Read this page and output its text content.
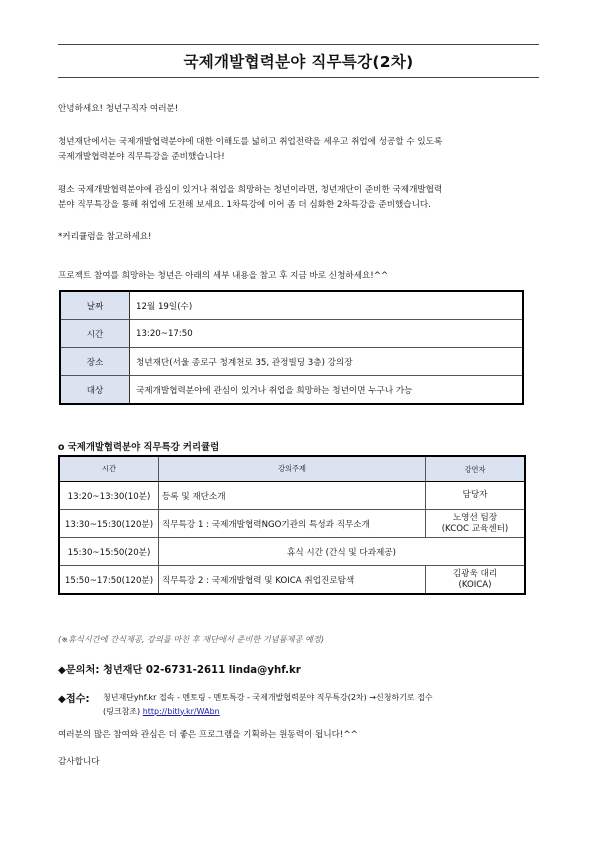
국제개발협력분야 직무특강(2차)
안녕하세요! 청년구직자 여러분!
청년재단에서는 국제개발협력분야에 대한 이해도를 넓히고 취업전략을 세우고 취업에 성공할 수 있도록
국제개발협력분야 직무특강을 준비했습니다!
평소 국제개발협력분야에 관심이 있거나 취업을 희망하는 청년이라면, 청년재단이 준비한 국제개발협력
분야 직무특강을 통해 취업에 도전해 보세요. 1차특강에 이어 좀 더 심화한 2차특강을 준비했습니다.
*커리큘럼을 참고하세요!
프로젝트 참여를 희망하는 청년은 아래의 세부 내용을 참고 후 지금 바로 신청하세요!^^
날짜	12월 19일(수)
시간	13:20~17:50
장소	청년재단(서울 종로구 청계천로 35, 관정빌딩 3층) 강의장
대상	국제개발협력분야에 관심이 있거나 취업을 희망하는 청년이면 누구나 가능
o 국제개발협력분야 직무특강 커리큘럼
시간	강의주제	강연자
13:20~13:30(10분)	등록 및 재단소개	담당자

13:30~15:30(120분)	직무특강 1 : 국제개발협력NGO기관의 특성과 직무소개	노영선 팀장
(KCOC 교육센터)

15:30~15:50(20분)	휴식 시간 (간식 및 다과제공)	
15:50~17:50(120분)	직무특강 2 : 국제개발협력 및 KOICA 취업진로탐색	김광욱 대리
(KOICA)
(※휴식시간에 간식제공, 강의를 마친 후 재단에서 준비한 기념품제공 예정)
◆문의처: 청년재단 02-6731-2611 linda@yhf.kr
◆접수: 청년재단yhf.kr 접속 - 멘토링 - 멘토특강 - 국제개발협력분야 직무특강(2차) →신청하기로 접수
(링크참조) http://bitly.kr/WAbn
여러분의 많은 참여와 관심은 더 좋은 프로그램을 기획하는 원동력이 됩니다!^^
감사합니다
